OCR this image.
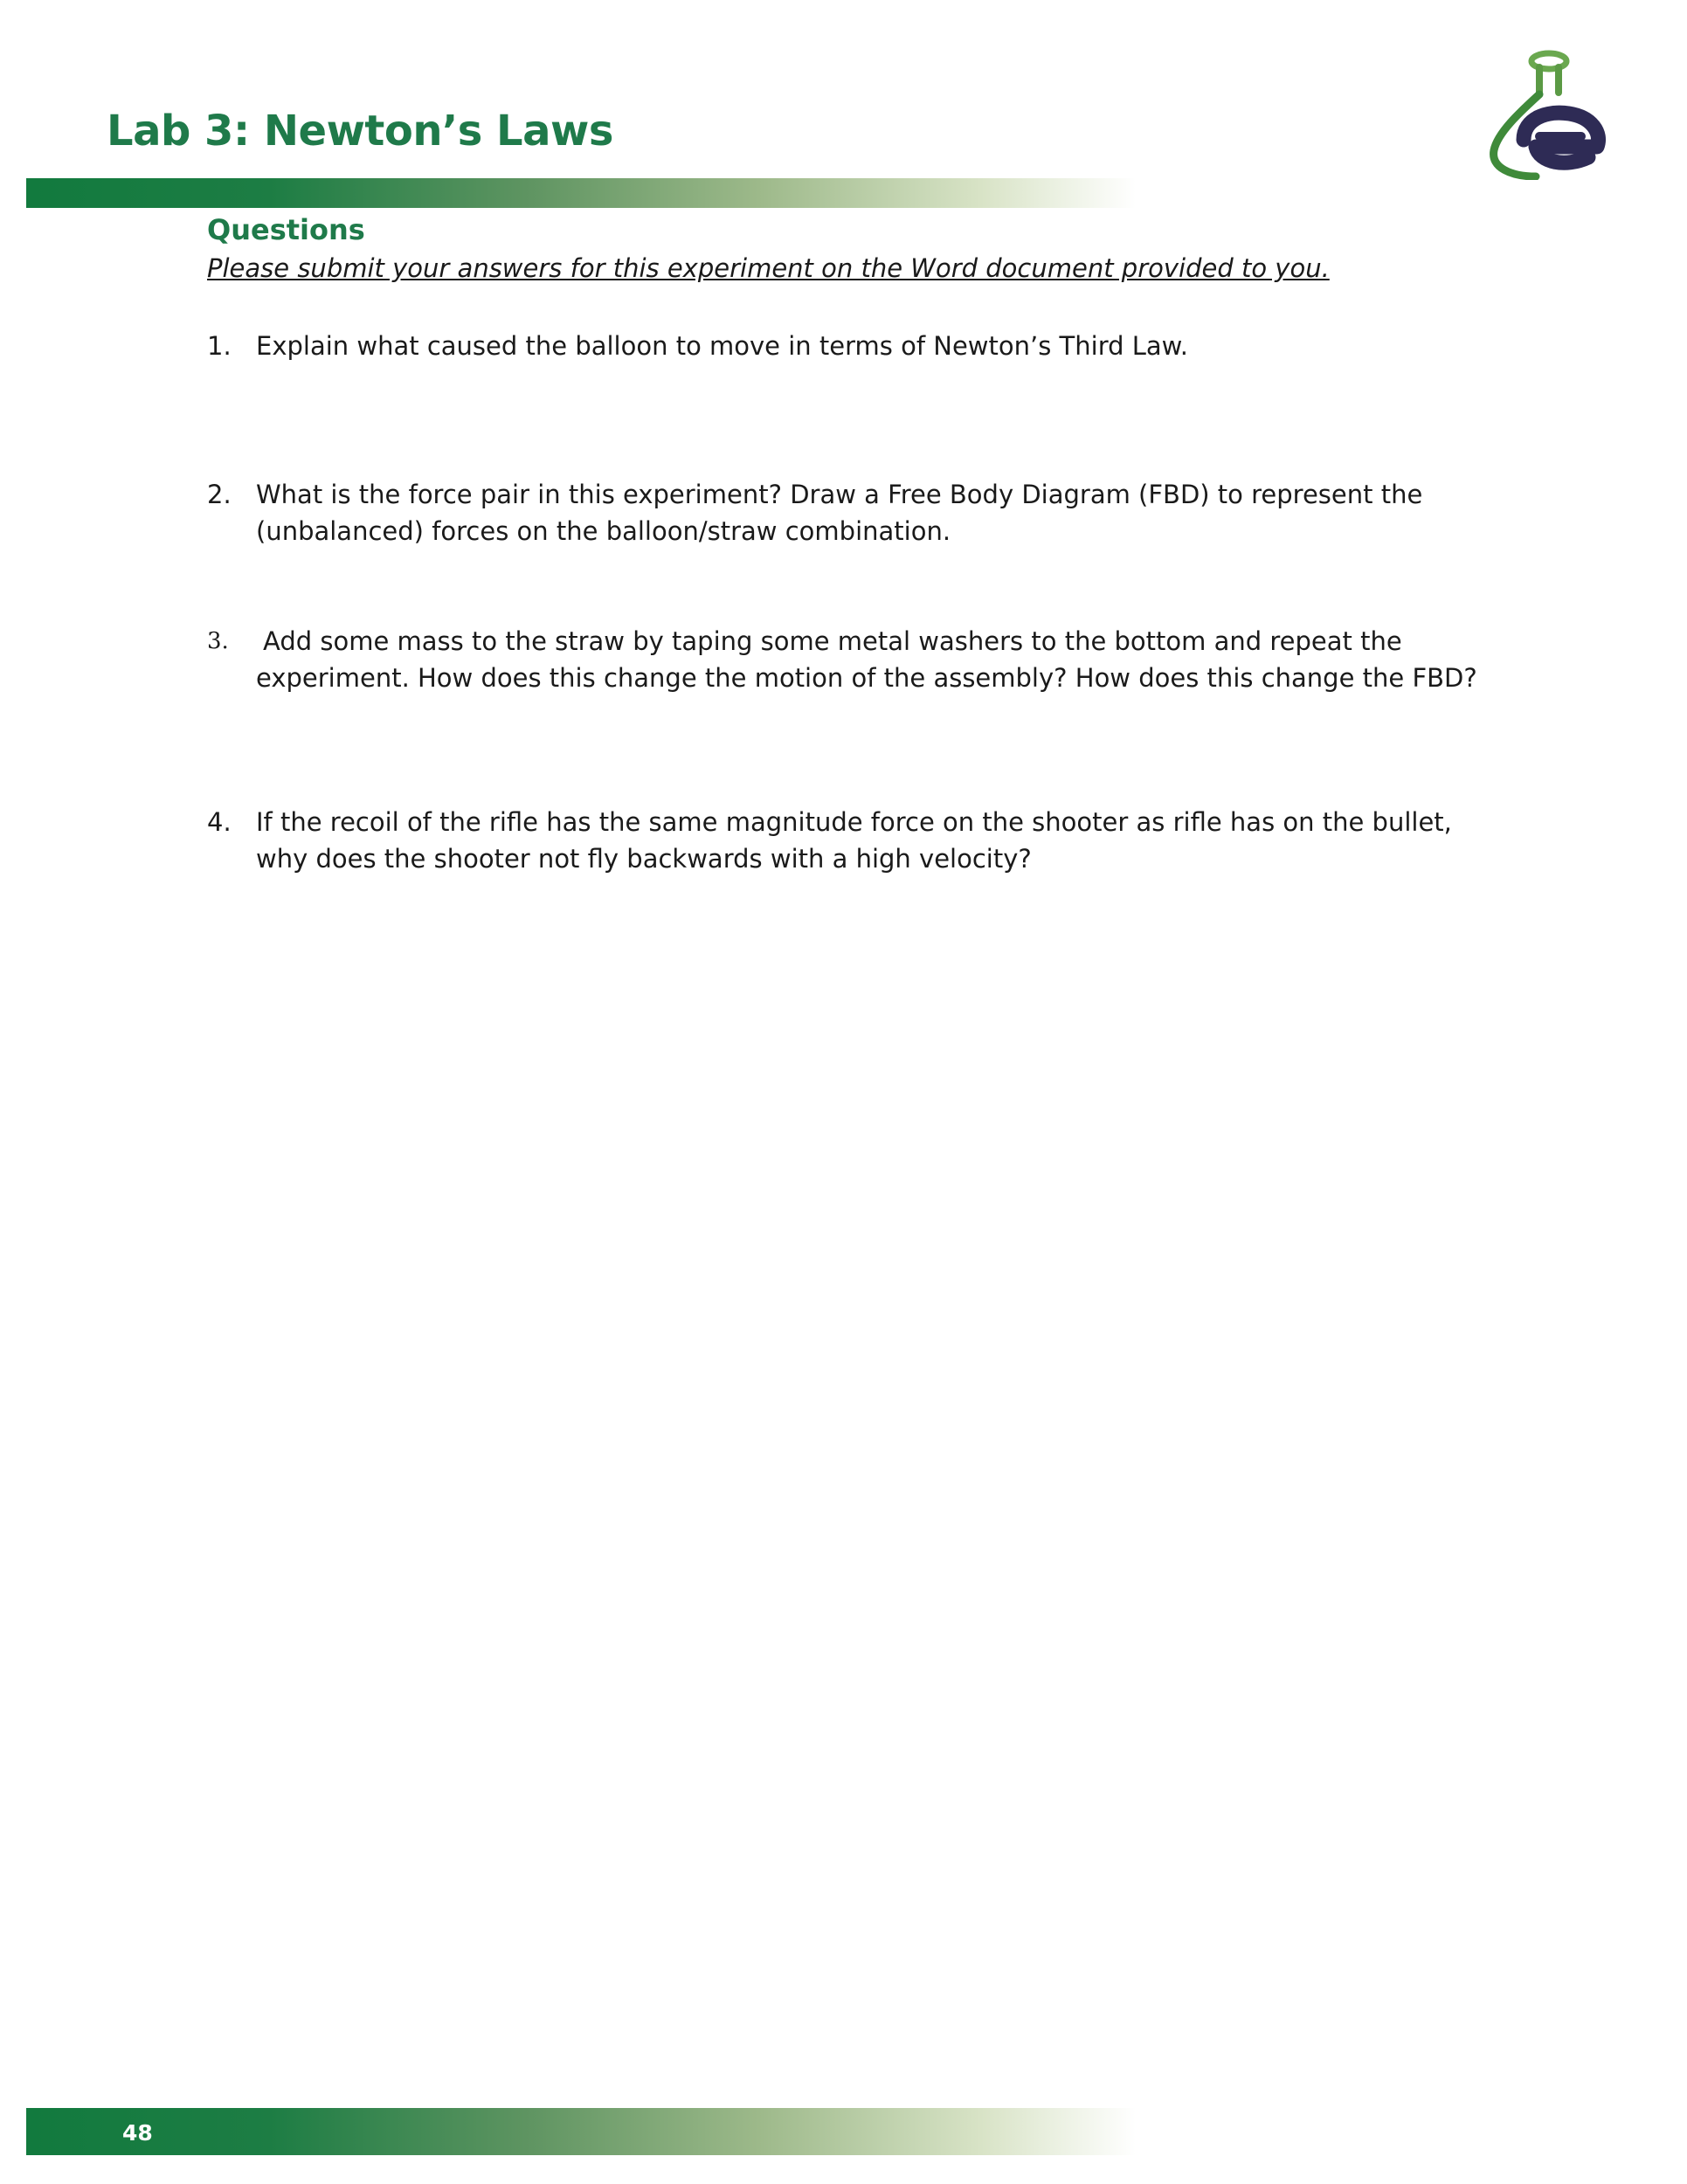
Lab 3: Newton’s Laws
Questions

Please submit your answers for this experiment on the Word document provided to you.

1. Explain what caused the balloon to move in terms of Newton’s Third Law.
2. What is the force pair in this experiment? Draw a Free Body Diagram (FBD) to represent the (unbalanced) forces on the balloon/straw combination.
3. Add some mass to the straw by taping some metal washers to the bottom and repeat the experiment. How does this change the motion of the assembly? How does this change the FBD?
4. If the recoil of the rifle has the same magnitude force on the shooter as rifle has on the bullet, why does the shooter not fly backwards with a high velocity?
48
